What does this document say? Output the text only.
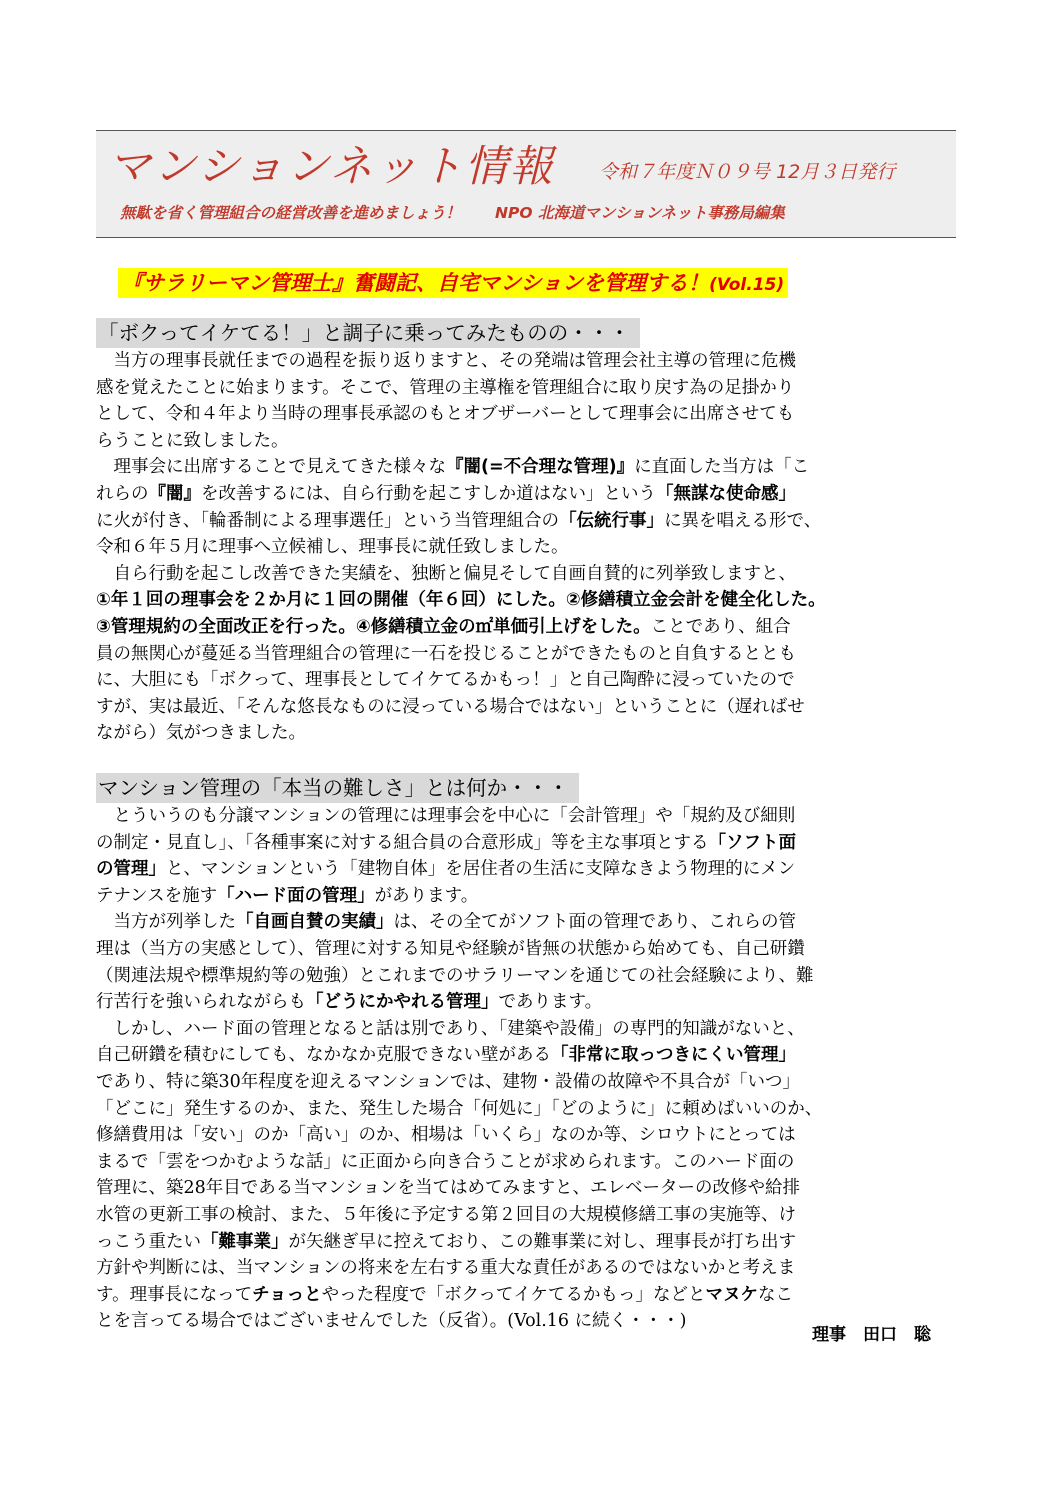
マンションネット情報 令和７年度Ｎ０９号 12月３日発行
無駄を省く管理組合の経営改善を進めましょう！ NPO 北海道マンションネット事務局編集
『サラリーマン管理士』奮闘記、自宅マンションを管理する！(Vol.15)
「ボクってイケてる！」と調子に乗ってみたものの・・・
　当方の理事長就任までの過程を振り返りますと、その発端は管理会社主導の管理に危機
感を覚えたことに始まります。そこで、管理の主導権を管理組合に取り戻す為の足掛かり
として、令和４年より当時の理事長承認のもとオブザーバーとして理事会に出席させても
らうことに致しました。
　理事会に出席することで見えてきた様々な『闇(=不合理な管理)』に直面した当方は「こ
れらの『闇』を改善するには、自ら行動を起こすしか道はない」という「無謀な使命感」
に火が付き、「輪番制による理事選任」という当管理組合の「伝統行事」に異を唱える形で、
令和６年５月に理事へ立候補し、理事長に就任致しました。
　自ら行動を起こし改善できた実績を、独断と偏見そして自画自賛的に列挙致しますと、
①年１回の理事会を２か月に１回の開催（年６回）にした。②修繕積立金会計を健全化した。
③管理規約の全面改正を行った。④修繕積立金の㎡単価引上げをした。ことであり、組合
員の無関心が蔓延る当管理組合の管理に一石を投じることができたものと自負するととも
に、大胆にも「ボクって、理事長としてイケてるかもっ！」と自己陶酔に浸っていたので
すが、実は最近、「そんな悠長なものに浸っている場合ではない」ということに（遅ればせ
ながら）気がつきました。
マンション管理の「本当の難しさ」とは何か・・・
　とういうのも分譲マンションの管理には理事会を中心に「会計管理」や「規約及び細則
の制定・見直し」、「各種事案に対する組合員の合意形成」等を主な事項とする「ソフト面
の管理」と、マンションという「建物自体」を居住者の生活に支障なきよう物理的にメン
テナンスを施す「ハード面の管理」があります。
　当方が列挙した「自画自賛の実績」は、その全てがソフト面の管理であり、これらの管
理は（当方の実感として）、管理に対する知見や経験が皆無の状態から始めても、自己研鑽
（関連法規や標準規約等の勉強）とこれまでのサラリーマンを通じての社会経験により、難
行苦行を強いられながらも「どうにかやれる管理」であります。
　しかし、ハード面の管理となると話は別であり、「建築や設備」の専門的知識がないと、
自己研鑽を積むにしても、なかなか克服できない壁がある「非常に取っつきにくい管理」
であり、特に築30年程度を迎えるマンションでは、建物・設備の故障や不具合が「いつ」
「どこに」発生するのか、また、発生した場合「何処に」「どのように」に頼めばいいのか、
修繕費用は「安い」のか「高い」のか、相場は「いくら」なのか等、シロウトにとっては
まるで「雲をつかむような話」に正面から向き合うことが求められます。このハード面の
管理に、築28年目である当マンションを当てはめてみますと、エレベーターの改修や給排
水管の更新工事の検討、また、５年後に予定する第２回目の大規模修繕工事の実施等、け
っこう重たい「難事業」が矢継ぎ早に控えており、この難事業に対し、理事長が打ち出す
方針や判断には、当マンションの将来を左右する重大な責任があるのではないかと考えま
す。理事長になってチョっとやった程度で「ボクってイケてるかもっ」などとマヌケなこ
とを言ってる場合ではございませんでした（反省）。(Vol.16 に続く・・・)
理事　田口　聡
